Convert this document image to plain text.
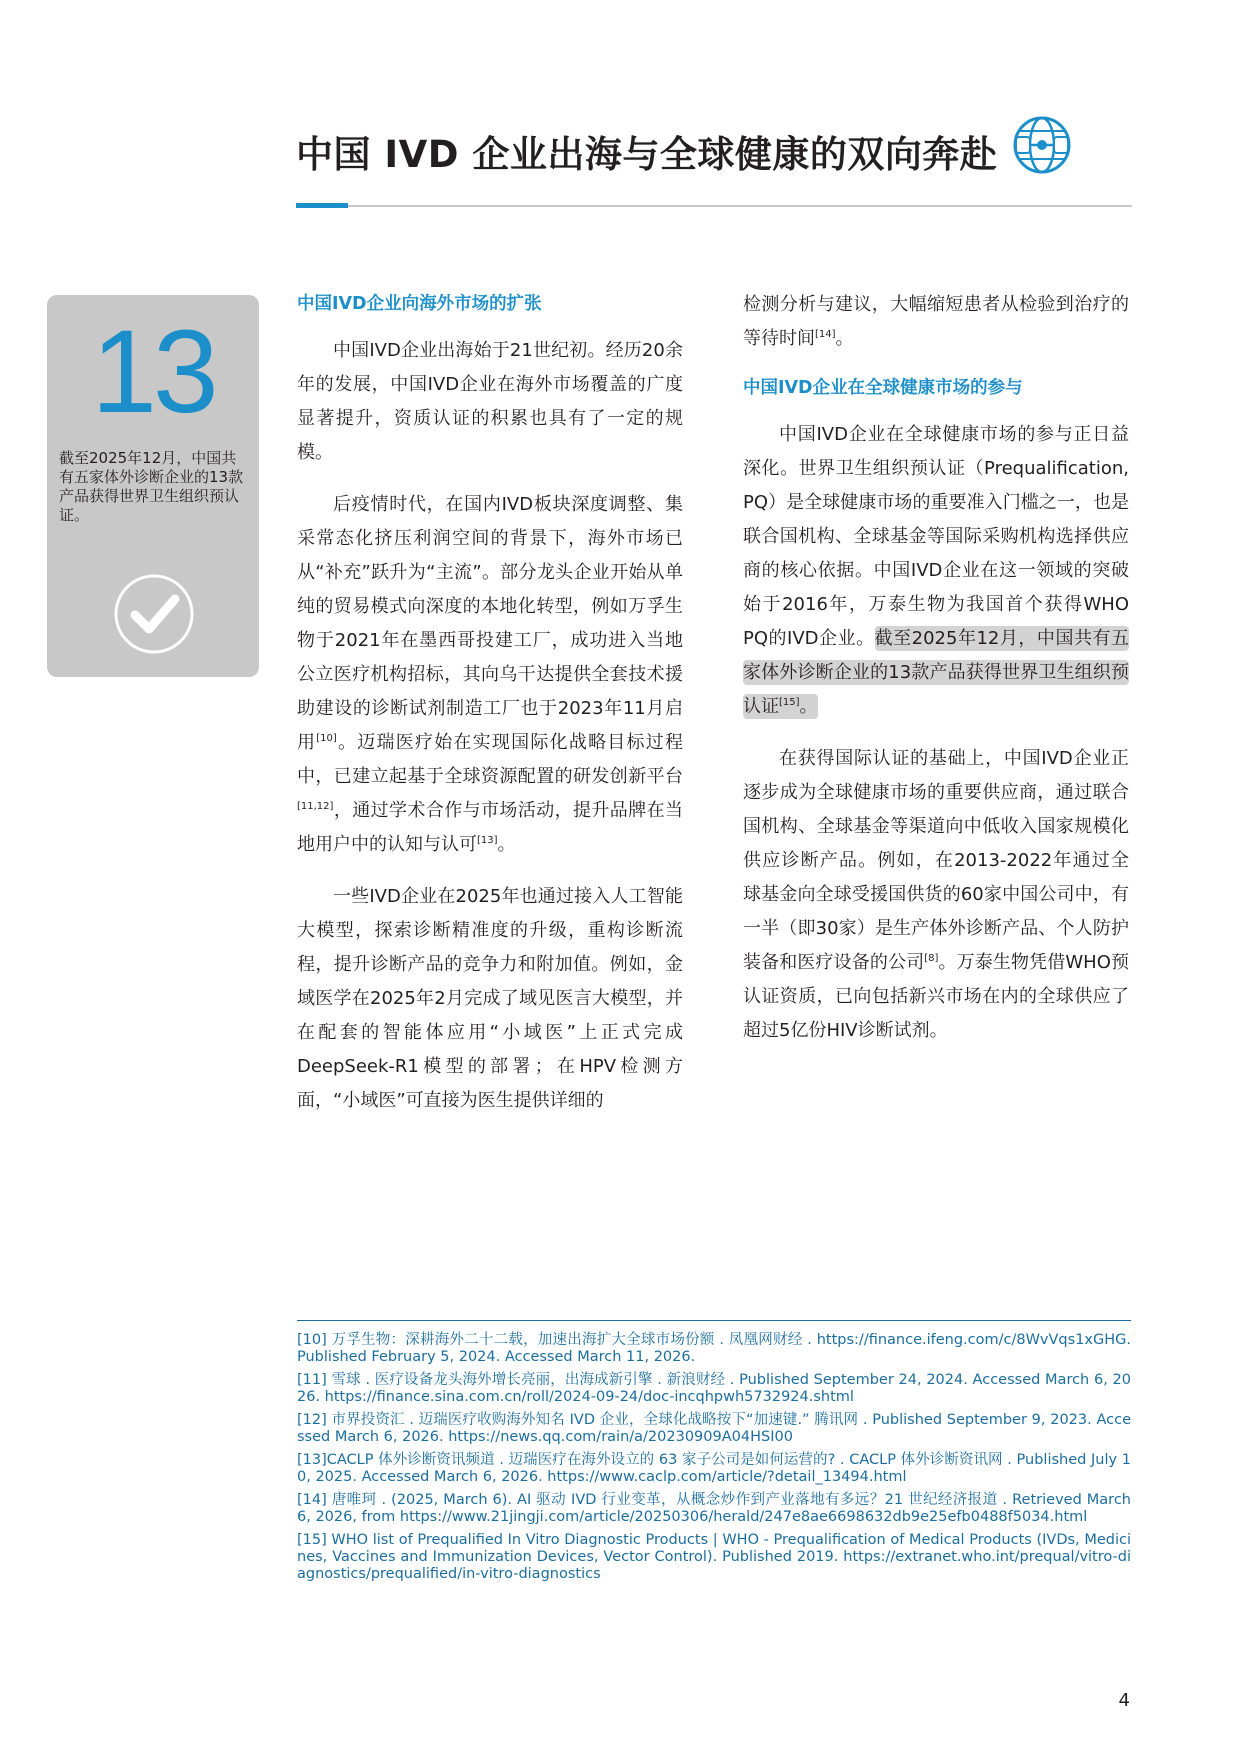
中国 IVD 企业出海与全球健康的双向奔赴
13
截至2025年12月，中国共有五家体外诊断企业的13款产品获得世界卫生组织预认证。
中国IVD企业向海外市场的扩张

中国IVD企业出海始于21世纪初。经历20余年的发展，中国IVD企业在海外市场覆盖的广度显著提升，资质认证的积累也具有了一定的规模。

后疫情时代，在国内IVD板块深度调整、集采常态化挤压利润空间的背景下，海外市场已从“补充”跃升为“主流”。部分龙头企业开始从单纯的贸易模式向深度的本地化转型，例如万孚生物于2021年在墨西哥投建工厂，成功进入当地公立医疗机构招标，其向乌干达提供全套技术援助建设的诊断试剂制造工厂也于2023年11月启用[10]。迈瑞医疗始在实现国际化战略目标过程中，已建立起基于全球资源配置的研发创新平台[11,12]，通过学术合作与市场活动，提升品牌在当地用户中的认知与认可[13]。

一些IVD企业在2025年也通过接入人工智能大模型，探索诊断精准度的升级，重构诊断流程，提升诊断产品的竞争力和附加值。例如，金域医学在2025年2月完成了域见医言大模型，并在配套的智能体应用“小域医”上正式完成DeepSeek-R1模型的部署；在HPV检测方面，“小域医”可直接为医生提供详细的

检测分析与建议，大幅缩短患者从检验到治疗的等待时间[14]。

中国IVD企业在全球健康市场的参与

中国IVD企业在全球健康市场的参与正日益深化。世界卫生组织预认证（Prequalification, PQ）是全球健康市场的重要准入门槛之一，也是联合国机构、全球基金等国际采购机构选择供应商的核心依据。中国IVD企业在这一领域的突破始于2016年，万泰生物为我国首个获得WHO PQ的IVD企业。截至2025年12月，中国共有五家体外诊断企业的13款产品获得世界卫生组织预认证[15]。

在获得国际认证的基础上，中国IVD企业正逐步成为全球健康市场的重要供应商，通过联合国机构、全球基金等渠道向中低收入国家规模化供应诊断产品。例如，在2013-2022年通过全球基金向全球受援国供货的60家中国公司中，有一半（即30家）是生产体外诊断产品、个人防护装备和医疗设备的公司[8]。万泰生物凭借WHO预认证资质，已向包括新兴市场在内的全球供应了超过5亿份HIV诊断试剂。

[10] 万孚生物：深耕海外二十二载，加速出海扩大全球市场份额 . 凤凰网财经 . https://finance.ifeng.com/c/8WvVqs1xGHG. Published February 5, 2024. Accessed March 11, 2026.

[11] 雪球 . 医疗设备龙头海外增长亮丽，出海成新引擎 . 新浪财经 . Published September 24, 2024. Accessed March 6, 2026. https://finance.sina.com.cn/roll/2024-09-24/doc-incqhpwh5732924.shtml

[12] 市界投资汇 . 迈瑞医疗收购海外知名 IVD 企业，全球化战略按下“加速键.” 腾讯网 . Published September 9, 2023. Accessed March 6, 2026. https://news.qq.com/rain/a/20230909A04HSI00

[13]CACLP 体外诊断资讯频道 . 迈瑞医疗在海外设立的 63 家子公司是如何运营的? . CACLP 体外诊断资讯网 . Published July 10, 2025. Accessed March 6, 2026. https://www.caclp.com/article/?detail_13494.html

[14] 唐唯珂 . (2025, March 6). AI 驱动 IVD 行业变革，从概念炒作到产业落地有多远？21 世纪经济报道 . Retrieved March 6, 2026, from https://www.21jingji.com/article/20250306/herald/247e8ae6698632db9e25efb0488f5034.html

[15] WHO list of Prequalified In Vitro Diagnostic Products | WHO - Prequalification of Medical Products (IVDs, Medicines, Vaccines and Immunization Devices, Vector Control). Published 2019. https://extranet.who.int/prequal/vitro-diagnostics/prequalified/in-vitro-diagnostics

4
